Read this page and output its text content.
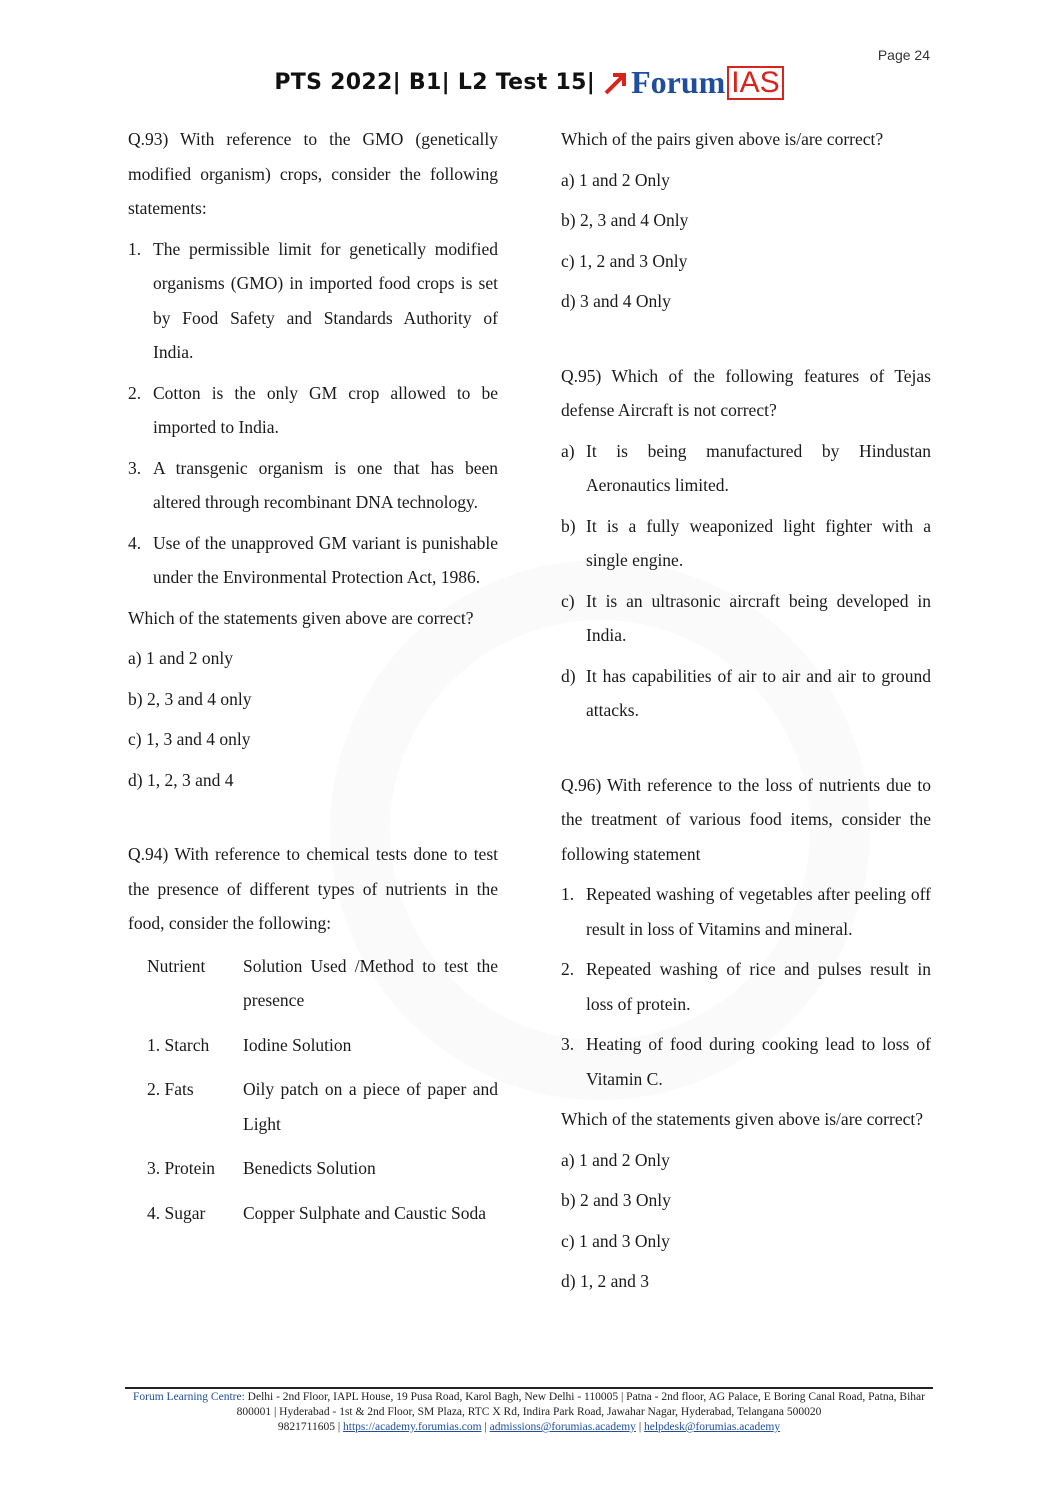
Page 24
PTS 2022| B1| L2 Test 15| Forum IAS

Q.93) With reference to the GMO (genetically modified organism) crops, consider the following statements:

1. The permissible limit for genetically modified organisms (GMO) in imported food crops is set by Food Safety and Standards Authority of India.
2. Cotton is the only GM crop allowed to be imported to India.
3. A transgenic organism is one that has been altered through recombinant DNA technology.
4. Use of the unapproved GM variant is punishable under the Environmental Protection Act, 1986.

Which of the statements given above are correct?

a) 1 and 2 only

b) 2, 3 and 4 only

c) 1, 3 and 4 only

d) 1, 2, 3 and 4

Q.94) With reference to chemical tests done to test the presence of different types of nutrients in the food, consider the following:

Nutrient	Solution Used /Method to test the presence
1. Starch	Iodine Solution
2. Fats	Oily patch on a piece of paper and Light
3. Protein	Benedicts Solution
4. Sugar	Copper Sulphate and Caustic Soda

Which of the pairs given above is/are correct?

a) 1 and 2 Only

b) 2, 3 and 4 Only

c) 1, 2 and 3 Only

d) 3 and 4 Only

Q.95) Which of the following features of Tejas defense Aircraft is not correct?

a) It is being manufactured by Hindustan Aeronautics limited.
b) It is a fully weaponized light fighter with a single engine.
c) It is an ultrasonic aircraft being developed in India.
d) It has capabilities of air to air and air to ground attacks.

Q.96) With reference to the loss of nutrients due to the treatment of various food items, consider the following statement

1. Repeated washing of vegetables after peeling off result in loss of Vitamins and mineral.
2. Repeated washing of rice and pulses result in loss of protein.
3. Heating of food during cooking lead to loss of Vitamin C.

Which of the statements given above is/are correct?

a) 1 and 2 Only

b) 2 and 3 Only

c) 1 and 3 Only

d) 1, 2 and 3

Forum Learning Centre: Delhi - 2nd Floor, IAPL House, 19 Pusa Road, Karol Bagh, New Delhi - 110005 | Patna - 2nd floor, AG Palace, E Boring Canal Road, Patna, Bihar 800001 | Hyderabad - 1st & 2nd Floor, SM Plaza, RTC X Rd, Indira Park Road, Jawahar Nagar, Hyderabad, Telangana 500020
9821711605 | https://academy.forumias.com | admissions@forumias.academy | helpdesk@forumias.academy
